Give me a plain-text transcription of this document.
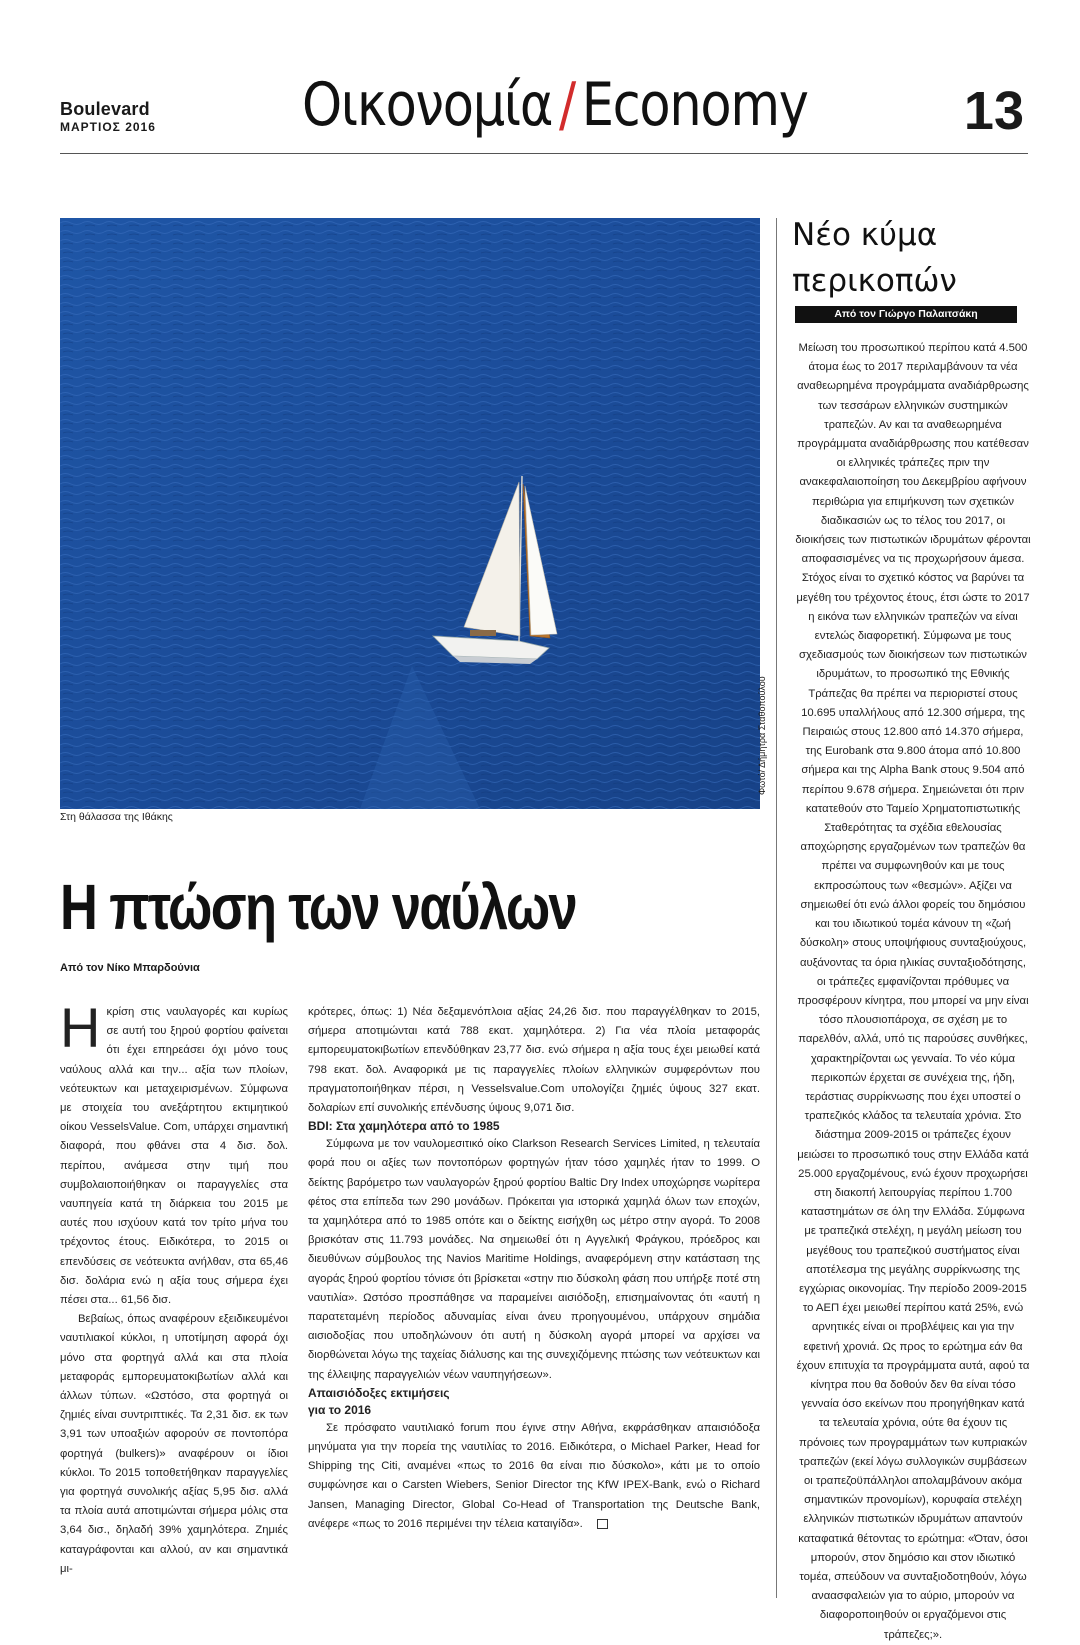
Boulevard
ΜΑΡΤΙΟΣ 2016 Οικονομία / Economy	13
Στη θάλασσα της Ιθάκης
Φωτό/ Δήμητρα Σταθοπούλου
Η πτώση των ναύλων
Από τον Νίκο Μπαρδούνια

Ηκρίση στις ναυλαγορές και κυρίως σε αυτή του ξηρού φορτίου φαίνεται ότι έχει επηρεάσει όχι μόνο τους ναύλους αλλά και την... αξία των πλοίων, νεότευκτων και μεταχειρισμένων. Σύμφωνα με στοιχεία του ανεξάρτητου εκτιμητικού οίκου VesselsValue. Com, υπάρχει σημαντική διαφορά, που φθάνει στα 4 δισ. δολ. περίπου, ανάμεσα στην τιμή που συμβολαιοποιήθηκαν οι παραγγελίες στα ναυπηγεία κατά τη διάρκεια του 2015 με αυτές που ισχύουν κατά τον τρίτο μήνα του τρέχοντος έτους. Ειδικότερα, το 2015 οι επενδύσεις σε νεότευκτα ανήλθαν, στα 65,46 δισ. δολάρια ενώ η αξία τους σήμερα έχει πέσει στα... 61,56 δισ.

Βεβαίως, όπως αναφέρουν εξειδικευμένοι ναυτιλιακοί κύκλοι, η υποτίμηση αφορά όχι μόνο στα φορτηγά αλλά και στα πλοία μεταφοράς εμπορευματοκιβωτίων αλλά και άλλων τύπων. «Ωστόσο, στα φορτηγά οι ζημιές είναι συντριπτικές. Τα 2,31 δισ. εκ των 3,91 των υποαξιών αφορούν σε ποντοπόρα φορτηγά (bulkers)» αναφέρουν οι ίδιοι κύκλοι. Το 2015 τοποθετήθηκαν παραγγελίες για φορτηγά συνολικής αξίας 5,95 δισ. αλλά τα πλοία αυτά αποτιμώνται σήμερα μόλις στα 3,64 δισ., δηλαδή 39% χαμηλότερα. Ζημιές καταγράφονται και αλλού, αν και σημαντικά μι-

κρότερες, όπως: 1) Νέα δεξαμενόπλοια αξίας 24,26 δισ. που παραγγέλθηκαν το 2015, σήμερα αποτιμώνται κατά 788 εκατ. χαμηλότερα. 2) Για νέα πλοία μεταφοράς εμπορευματοκιβωτίων επενδύθηκαν 23,77 δισ. ενώ σήμερα η αξία τους έχει μειωθεί κατά 798 εκατ. δολ. Αναφορικά με τις παραγγελίες πλοίων ελληνικών συμφερόντων που πραγματοποιήθηκαν πέρσι, η Vesselsvalue.Com υπολογίζει ζημιές ύψους 327 εκατ. δολαρίων επί συνολικής επένδυσης ύψους 9,071 δισ.

BDI: Στα χαμηλότερα από το 1985

Σύμφωνα με τον ναυλομεσιτικό οίκο Clarkson Research Services Limited, η τελευταία φορά που οι αξίες των ποντοπόρων φορτηγών ήταν τόσο χαμηλές ήταν το 1999. Ο δείκτης βαρόμετρο των ναυλαγορών ξηρού φορτίου Baltic Dry Index υποχώρησε νωρίτερα φέτος στα επίπεδα των 290 μονάδων. Πρόκειται για ιστορικά χαμηλά όλων των εποχών, τα χαμηλότερα από το 1985 οπότε και ο δείκτης εισήχθη ως μέτρο στην αγορά. Το 2008 βρισκόταν στις 11.793 μονάδες. Να σημειωθεί ότι η Αγγελική Φράγκου, πρόεδρος και διευθύνων σύμβουλος της Navios Maritime Holdings, αναφερόμενη στην κατάσταση της αγοράς ξηρού φορτίου τόνισε ότι βρίσκεται «στην πιο δύσκολη φάση που υπήρξε ποτέ στη ναυτιλία». Ωστόσο προσπάθησε να παραμείνει αισιόδοξη, επισημαίνοντας ότι «αυτή η παρατεταμένη περίοδος αδυναμίας είναι άνευ προηγουμένου, υπάρχουν σημάδια αισιοδοξίας που υποδηλώνουν ότι αυτή η δύσκολη αγορά μπορεί να αρχίσει να διορθώνεται λόγω της ταχείας διάλυσης και της συνεχιζόμενης πτώσης των νεότευκτων και της έλλειψης παραγγελιών νέων ναυπηγήσεων».

Απαισιόδοξες εκτιμήσεις
για το 2016

Σε πρόσφατο ναυτιλιακό forum που έγινε στην Αθήνα, εκφράσθηκαν απαισιόδοξα μηνύματα για την πορεία της ναυτιλίας το 2016. Ειδικότερα, ο Michael Parker, Head for Shipping της Citi, αναμένει «πως το 2016 θα είναι πιο δύσκολο», κάτι με το οποίο συμφώνησε και ο Carsten Wiebers, Senior Director της KfW IPEX-Bank, ενώ ο Richard Jansen, Managing Director, Global Co-Head of Transportation της Deutsche Bank, ανέφερε «πως το 2016 περιμένει την τέλεια καταιγίδα».

Νέο κύμα
περικοπών
Από τον Γιώργο Παλαιτσάκη

Μείωση του προσωπικού περίπου κατά 4.500 άτομα έως το 2017 περιλαμβάνουν τα νέα αναθεωρημένα προγράμματα αναδιάρθρωσης των τεσσάρων ελληνικών συστημικών τραπεζών. Αν και τα αναθεωρημένα προγράμματα αναδιάρθρωσης που κατέθεσαν οι ελληνικές τράπεζες πριν την ανακεφαλαιοποίηση του Δεκεμβρίου αφήνουν περιθώρια για επιμήκυνση των σχετικών διαδικασιών ως το τέλος του 2017, οι διοικήσεις των πιστωτικών ιδρυμάτων φέρονται αποφασισμένες να τις προχωρήσουν άμεσα. Στόχος είναι το σχετικό κόστος να βαρύνει τα μεγέθη του τρέχοντος έτους, έτσι ώστε το 2017 η εικόνα των ελληνικών τραπεζών να είναι εντελώς διαφορετική. Σύμφωνα με τους σχεδιασμούς των διοικήσεων των πιστωτικών ιδρυμάτων, το προσωπικό της Εθνικής Τράπεζας θα πρέπει να περιοριστεί στους 10.695 υπαλλήλους από 12.300 σήμερα, της Πειραιώς στους 12.800 από 14.370 σήμερα, της Eurobank στα 9.800 άτομα από 10.800 σήμερα και της Alpha Bank στους 9.504 από περίπου 9.678 σήμερα. Σημειώνεται ότι πριν κατατεθούν στο Ταμείο Χρηματοπιστωτικής Σταθερότητας τα σχέδια εθελουσίας αποχώρησης εργαζομένων των τραπεζών θα πρέπει να συμφωνηθούν και με τους εκπροσώπους των «θεσμών». Αξίζει να σημειωθεί ότι ενώ άλλοι φορείς του δημόσιου και του ιδιωτικού τομέα κάνουν τη «ζωή δύσκολη» στους υποψήφιους συνταξιούχους, αυξάνοντας τα όρια ηλικίας συνταξιοδότησης, οι τράπεζες εμφανίζονται πρόθυμες να προσφέρουν κίνητρα, που μπορεί να μην είναι τόσο πλουσιοπάροχα, σε σχέση με το παρελθόν, αλλά, υπό τις παρούσες συνθήκες, χαρακτηρίζονται ως γενναία. Το νέο κύμα περικοπών έρχεται σε συνέχεια της, ήδη, τεράστιας συρρίκνωσης που έχει υποστεί ο τραπεζικός κλάδος τα τελευταία χρόνια. Στο διάστημα 2009-2015 οι τράπεζες έχουν μειώσει το προσωπικό τους στην Ελλάδα κατά 25.000 εργαζομένους, ενώ έχουν προχωρήσει στη διακοπή λειτουργίας περίπου 1.700 καταστημάτων σε όλη την Ελλάδα. Σύμφωνα με τραπεζικά στελέχη, η μεγάλη μείωση του μεγέθους του τραπεζικού συστήματος είναι αποτέλεσμα της μεγάλης συρρίκνωσης της εγχώριας οικονομίας. Την περίοδο 2009-2015 το ΑΕΠ έχει μειωθεί περίπου κατά 25%, ενώ αρνητικές είναι οι προβλέψεις και για την εφετινή χρονιά. Ως προς το ερώτημα εάν θα έχουν επιτυχία τα προγράμματα αυτά, αφού τα κίνητρα που θα δοθούν δεν θα είναι τόσο γενναία όσο εκείνων που προηγήθηκαν κατά τα τελευταία χρόνια, ούτε θα έχουν τις πρόνοιες των προγραμμάτων των κυπριακών τραπεζών (εκεί λόγω συλλογικών συμβάσεων οι τραπεζοϋπάλληλοι απολαμβάνουν ακόμα σημαντικών προνομίων), κορυφαία στελέχη ελληνικών πιστωτικών ιδρυμάτων απαντούν καταφατικά θέτοντας το ερώτημα: «Όταν, όσοι μπορούν, στον δημόσιο και στον ιδιωτικό τομέα, σπεύδουν να συνταξιοδοτηθούν, λόγω αναασφαλειών για το αύριο, μπορούν να διαφοροποιηθούν οι εργαζόμενοι στις τράπεζες;».
